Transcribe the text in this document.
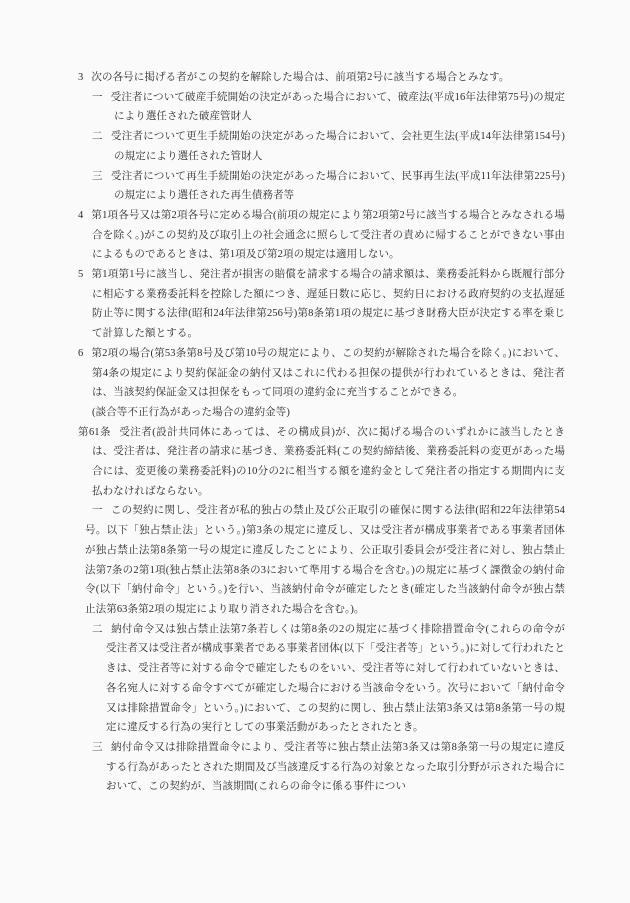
3 次の各号に掲げる者がこの契約を解除した場合は、前項第2号に該当する場合とみなす。

一 受注者について破産手続開始の決定があった場合において、破産法(平成16年法律第75号)の規定により選任された破産管財人

二 受注者について更生手続開始の決定があった場合において、会社更生法(平成14年法律第154号)の規定により選任された管財人

三 受注者について再生手続開始の決定があった場合において、民事再生法(平成11年法律第225号)の規定により選任された再生債務者等

4 第1項各号又は第2項各号に定める場合(前項の規定により第2項第2号に該当する場合とみなされる場合を除く。)がこの契約及び取引上の社会通念に照らして受注者の責めに帰することができない事由によるものであるときは、第1項及び第2項の規定は適用しない。

5 第1項第1号に該当し、発注者が損害の賠償を請求する場合の請求額は、業務委託料から既履行部分に相応する業務委託料を控除した額につき、遅延日数に応じ、契約日における政府契約の支払遅延防止等に関する法律(昭和24年法律第256号)第8条第1項の規定に基づき財務大臣が決定する率を乗じて計算した額とする。

6 第2項の場合(第53条第8号及び第10号の規定により、この契約が解除された場合を除く。)において、第4条の規定により契約保証金の納付又はこれに代わる担保の提供が行われているときは、発注者は、当該契約保証金又は担保をもって同項の違約金に充当することができる。

(談合等不正行為があった場合の違約金等)

第61条 受注者(設計共同体にあっては、その構成員)が、次に掲げる場合のいずれかに該当したときは、受注者は、発注者の請求に基づき、業務委託料(この契約締結後、業務委託料の変更があった場合には、変更後の業務委託料)の10分の2に相当する額を違約金として発注者の指定する期間内に支払わなければならない。

一 この契約に関し、受注者が私的独占の禁止及び公正取引の確保に関する法律(昭和22年法律第54号。以下「独占禁止法」という。)第3条の規定に違反し、又は受注者が構成事業者である事業者団体が独占禁止法第8条第一号の規定に違反したことにより、公正取引委員会が受注者に対し、独占禁止法第7条の2第1項(独占禁止法第8条の3において準用する場合を含む。)の規定に基づく課徴金の納付命令(以下「納付命令」という。)を行い、当該納付命令が確定したとき(確定した当該納付命令が独占禁止法第63条第2項の規定により取り消された場合を含む。)。

二 納付命令又は独占禁止法第7条若しくは第8条の2の規定に基づく排除措置命令(これらの命令が受注者又は受注者が構成事業者である事業者団体(以下「受注者等」という。)に対して行われたときは、受注者等に対する命令で確定したものをいい、受注者等に対して行われていないときは、各名宛人に対する命令すべてが確定した場合における当該命令をいう。次号において「納付命令又は排除措置命令」という。)において、この契約に関し、独占禁止法第3条又は第8条第一号の規定に違反する行為の実行としての事業活動があったとされたとき。

三 納付命令又は排除措置命令により、受注者等に独占禁止法第3条又は第8条第一号の規定に違反する行為があったとされた期間及び当該違反する行為の対象となった取引分野が示された場合において、この契約が、当該期間(これらの命令に係る事件につい
